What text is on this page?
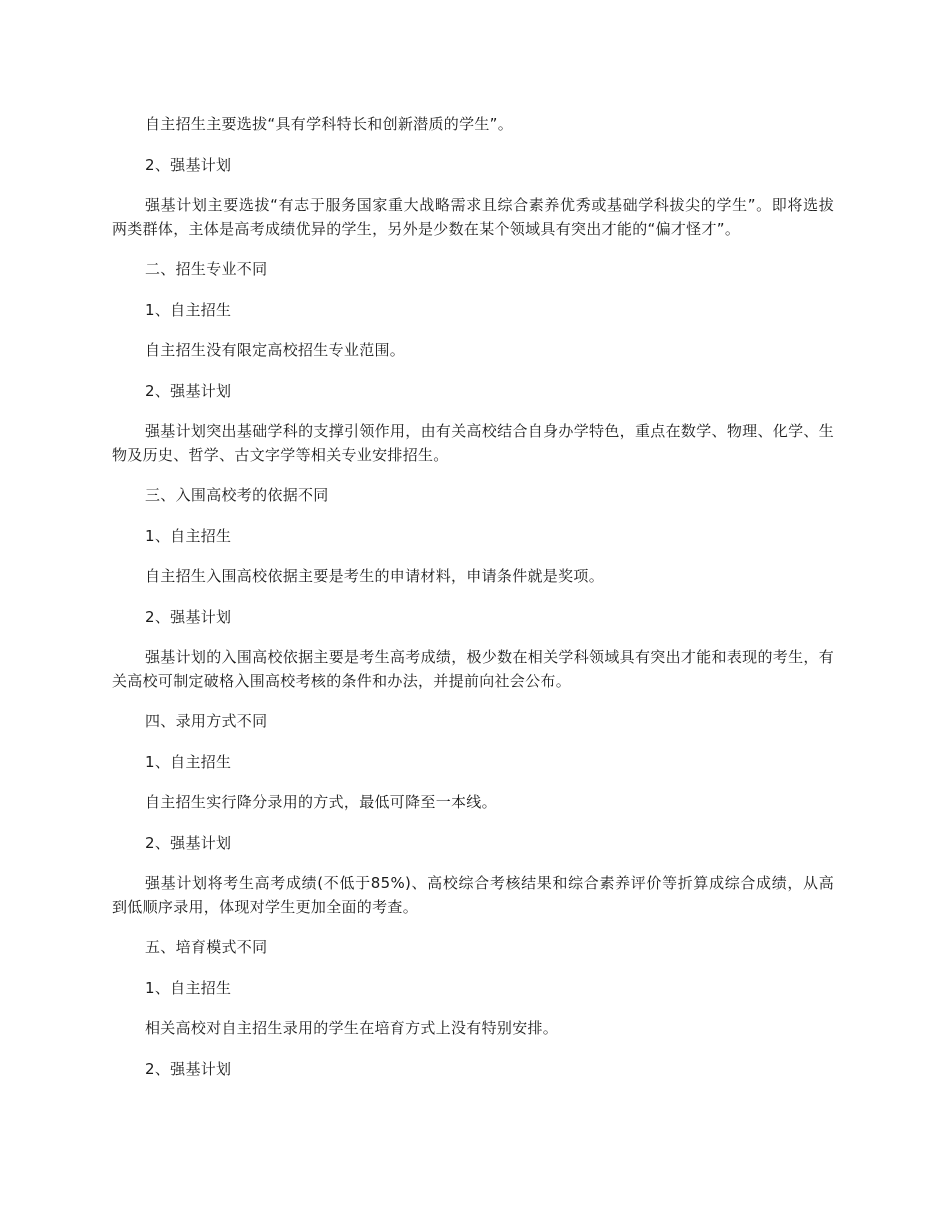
自主招生主要选拔“具有学科特长和创新潜质的学生”。

2、强基计划

强基计划主要选拔“有志于服务国家重大战略需求且综合素养优秀或基础学科拔尖的学生”。即将选拔两类群体，主体是高考成绩优异的学生，另外是少数在某个领域具有突出才能的“偏才怪才”。

二、招生专业不同

1、自主招生

自主招生没有限定高校招生专业范围。

2、强基计划

强基计划突出基础学科的支撑引领作用，由有关高校结合自身办学特色，重点在数学、物理、化学、生物及历史、哲学、古文字学等相关专业安排招生。

三、入围高校考的依据不同

1、自主招生

自主招生入围高校依据主要是考生的申请材料，申请条件就是奖项。

2、强基计划

强基计划的入围高校依据主要是考生高考成绩，极少数在相关学科领域具有突出才能和表现的考生，有关高校可制定破格入围高校考核的条件和办法，并提前向社会公布。

四、录用方式不同

1、自主招生

自主招生实行降分录用的方式，最低可降至一本线。

2、强基计划

强基计划将考生高考成绩(不低于85%)、高校综合考核结果和综合素养评价等折算成综合成绩，从高到低顺序录用，体现对学生更加全面的考查。

五、培育模式不同

1、自主招生

相关高校对自主招生录用的学生在培育方式上没有特别安排。

2、强基计划
